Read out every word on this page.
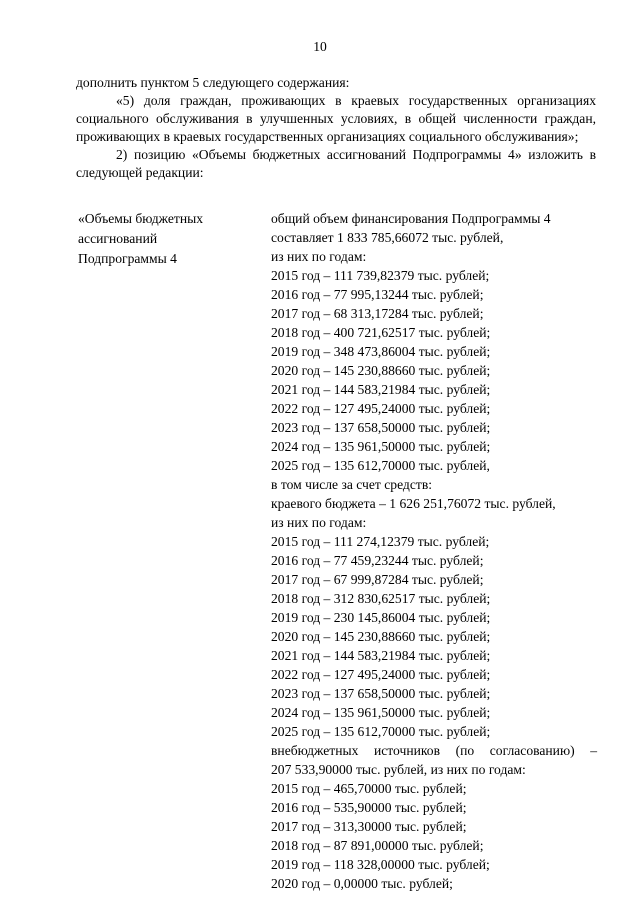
10

дополнить пунктом 5 следующего содержания:

«5) доля граждан, проживающих в краевых государственных организациях социального обслуживания в улучшенных условиях, в общей численности граждан, проживающих в краевых государственных организациях социального обслуживания»;

2) позицию «Объемы бюджетных ассигнований Подпрограммы 4» изложить в следующей редакции:

«Объемы бюджетных
ассигнований
Подпрограммы 4
общий объем финансирования Подпрограммы 4
составляет 1 833 785,66072 тыс. рублей,
из них по годам:
2015 год – 111 739,82379 тыс. рублей;
2016 год – 77 995,13244 тыс. рублей;
2017 год – 68 313,17284 тыс. рублей;
2018 год – 400 721,62517 тыс. рублей;
2019 год – 348 473,86004 тыс. рублей;
2020 год – 145 230,88660 тыс. рублей;
2021 год – 144 583,21984 тыс. рублей;
2022 год – 127 495,24000 тыс. рублей;
2023 год – 137 658,50000 тыс. рублей;
2024 год – 135 961,50000 тыс. рублей;
2025 год – 135 612,70000 тыс. рублей,
в том числе за счет средств:
краевого бюджета – 1 626 251,76072 тыс. рублей,
из них по годам:
2015 год – 111 274,12379 тыс. рублей;
2016 год – 77 459,23244 тыс. рублей;
2017 год – 67 999,87284 тыс. рублей;
2018 год – 312 830,62517 тыс. рублей;
2019 год – 230 145,86004 тыс. рублей;
2020 год – 145 230,88660 тыс. рублей;
2021 год – 144 583,21984 тыс. рублей;
2022 год – 127 495,24000 тыс. рублей;
2023 год – 137 658,50000 тыс. рублей;
2024 год – 135 961,50000 тыс. рублей;
2025 год – 135 612,70000 тыс. рублей;
внебюджетных источников (по согласованию) –
207 533,90000 тыс. рублей, из них по годам:
2015 год – 465,70000 тыс. рублей;
2016 год – 535,90000 тыс. рублей;
2017 год – 313,30000 тыс. рублей;
2018 год – 87 891,00000 тыс. рублей;
2019 год – 118 328,00000 тыс. рублей;
2020 год – 0,00000 тыс. рублей;
